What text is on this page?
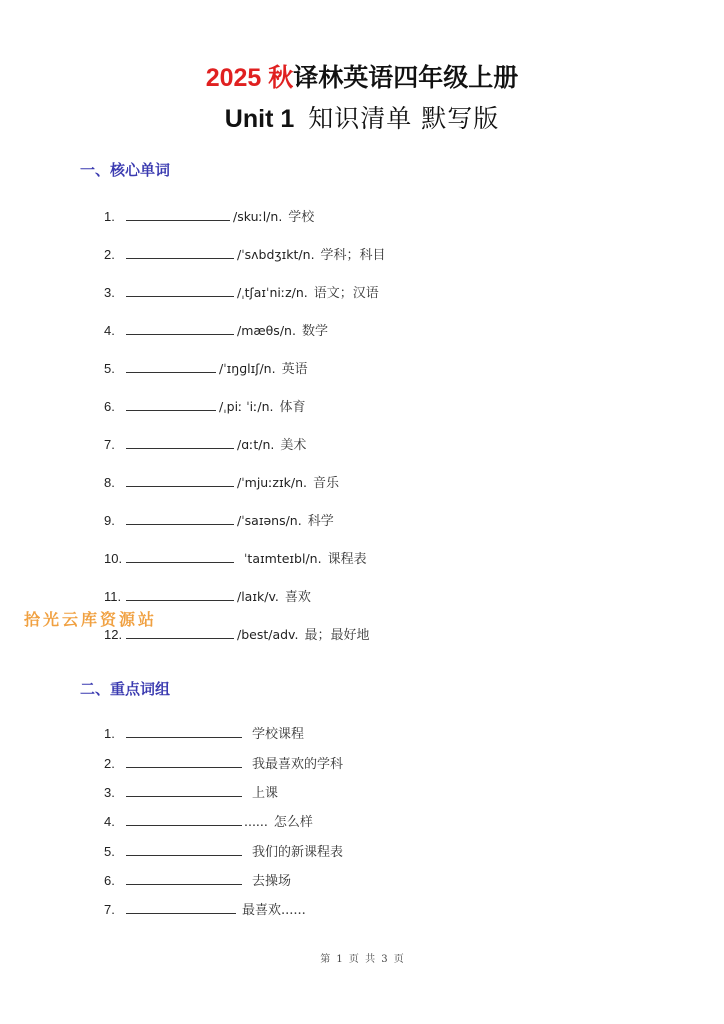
2025 秋译林英语四年级上册
Unit 1 知识清单 默写版
一、核心单词
1.	/skuːl/n. 学校
2.	/ˈsʌbdʒɪkt/n. 学科；科目
3.	/ˌtʃaɪˈniːz/n. 语文；汉语
4.	/mæθs/n. 数学
5.	/ˈɪŋɡlɪʃ/n. 英语
6.	/ˌpiː ˈiː/n. 体育
7.	/ɑːt/n. 美术
8.	/ˈmjuːzɪk/n. 音乐
9.	/ˈsaɪəns/n. 科学
10.	ˈtaɪmteɪbl/n. 课程表
11.	/laɪk/v. 喜欢
12.	/best/adv. 最；最好地
拾光云库资源站
二、重点词组
1.	学校课程
2.	我最喜欢的学科
3.	上课
4.	...... 怎么样
5.	我们的新课程表
6.	去操场
7.	最喜欢......
第 1 页 共 3 页
